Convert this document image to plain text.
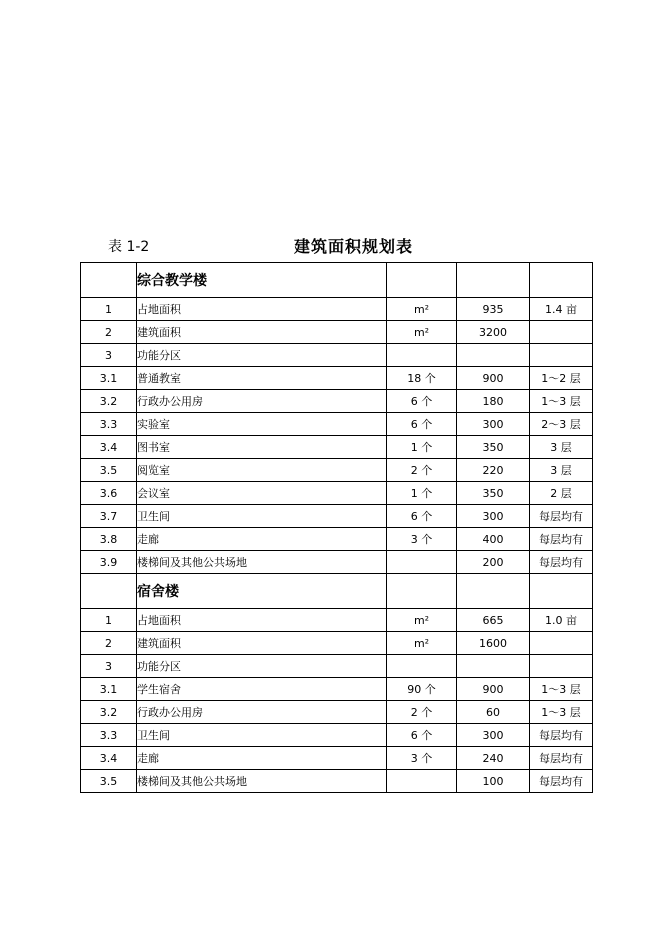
表 1-2	建筑面积规划表
	综合教学楼			
1	占地面积	m²	935	1.4 亩
2	建筑面积	m²	3200	
3	功能分区			
3.1	普通教室	18 个	900	1～2 层
3.2	行政办公用房	6 个	180	1～3 层
3.3	实验室	6 个	300	2～3 层
3.4	图书室	1 个	350	3 层
3.5	阅览室	2 个	220	3 层
3.6	会议室	1 个	350	2 层
3.7	卫生间	6 个	300	每层均有
3.8	走廊	3 个	400	每层均有
3.9	楼梯间及其他公共场地		200	每层均有
	宿舍楼			
1	占地面积	m²	665	1.0 亩
2	建筑面积	m²	1600	
3	功能分区			
3.1	学生宿舍	90 个	900	1～3 层
3.2	行政办公用房	2 个	60	1～3 层
3.3	卫生间	6 个	300	每层均有
3.4	走廊	3 个	240	每层均有
3.5	楼梯间及其他公共场地		100	每层均有
